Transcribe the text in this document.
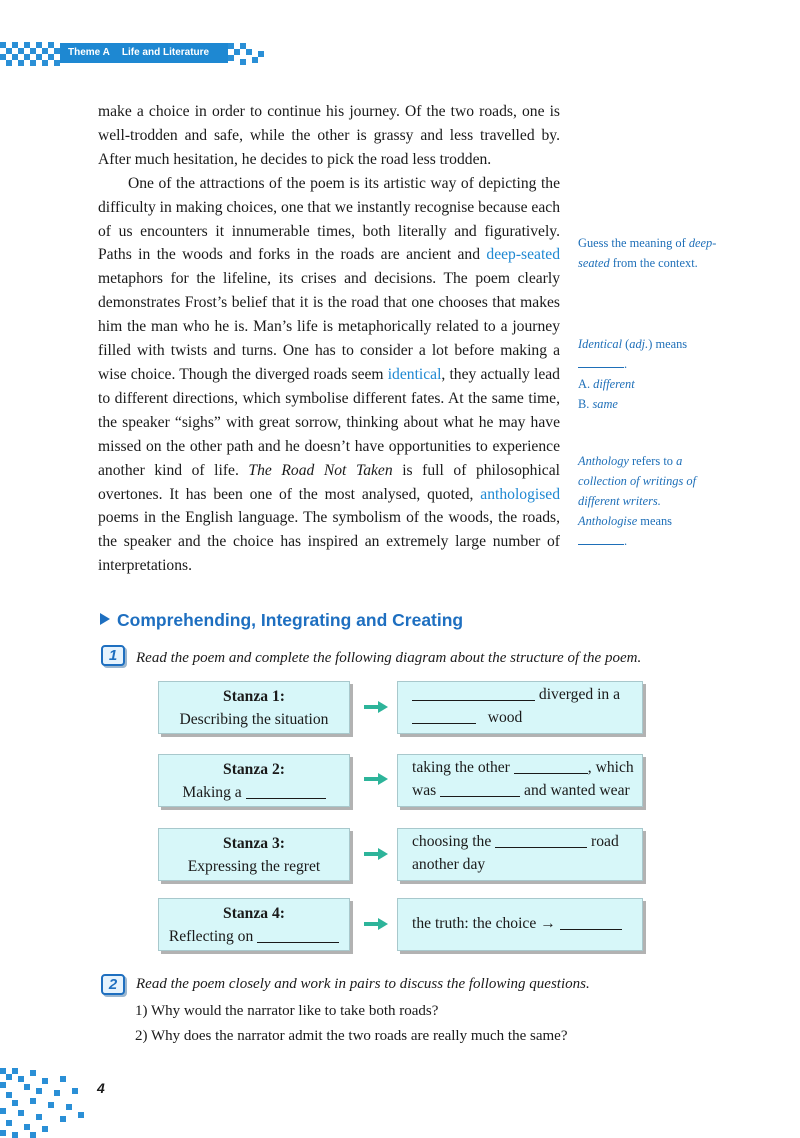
Theme A Life and Literature

make a choice in order to continue his journey. Of the two roads, one is well-trodden and safe, while the other is grassy and less travelled by. After much hesitation, he decides to pick the road less trodden.

One of the attractions of the poem is its artistic way of depicting the difficulty in making choices, one that we instantly recognise because each of us encounters it innumerable times, both literally and figuratively. Paths in the woods and forks in the roads are ancient and deep-seated metaphors for the lifeline, its crises and decisions. The poem clearly demonstrates Frost’s belief that it is the road that one chooses that makes him the man who he is. Man’s life is metaphorically related to a journey filled with twists and turns. One has to consider a lot before making a wise choice. Though the diverged roads seem identical, they actually lead to different directions, which symbolise different fates. At the same time, the speaker “sighs” with great sorrow, thinking about what he may have missed on the other path and he doesn’t have opportunities to experience another kind of life. The Road Not Taken is full of philosophical overtones. It has been one of the most analysed, quoted, anthologised poems in the English language. The symbolism of the woods, the roads, the speaker and the choice has inspired an extremely large number of interpretations.

Guess the meaning of deep-seated from the context.
Identical (adj.) means
.
A. different
B. same
Anthology refers to a collection of writings of different writers. Anthologise means
.
Comprehending, Integrating and Creating
1	Read the poem and complete the following diagram about the structure of the poem.
Stanza 1:
Describing the situation
diverged in a
wood
Stanza 2:
Making a
taking the other	, which
was	and wanted wear
Stanza 3:
Expressing the regret
choosing the	road
another day
Stanza 4:
Reflecting on
the truth: the choice →
2	Read the poem closely and work in pairs to discuss the following questions.
1) Why would the narrator like to take both roads?
2) Why does the narrator admit the two roads are really much the same?
4
